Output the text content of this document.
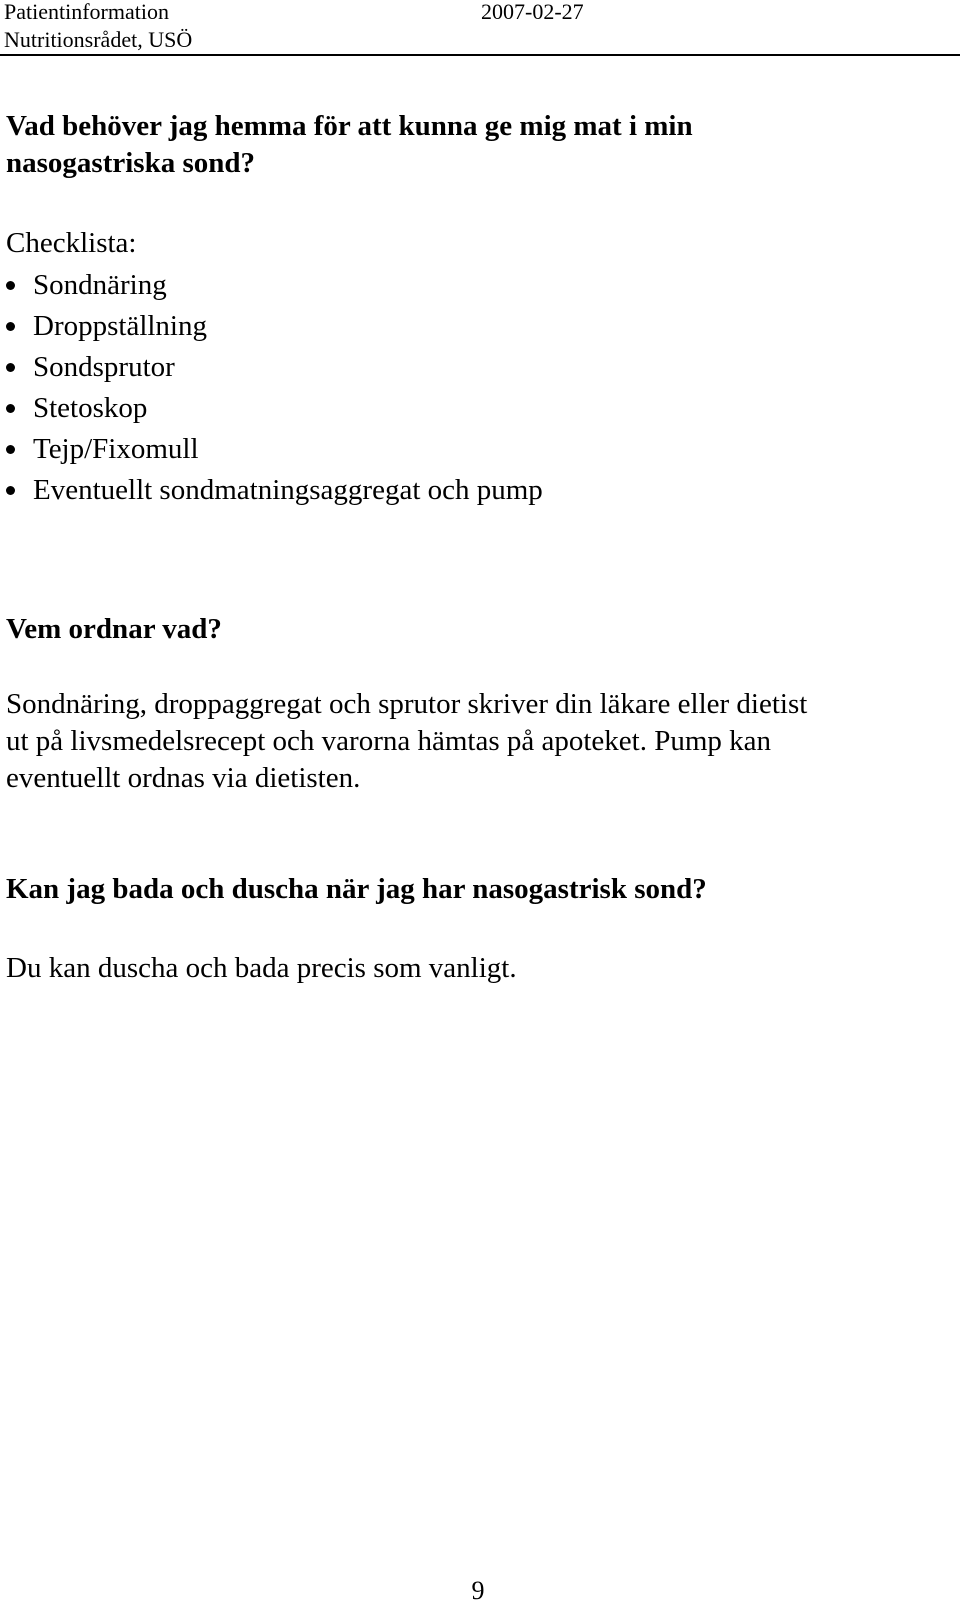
Patientinformation
Nutritionsrådet, USÖ
2007-02-27
Vad behöver jag hemma för att kunna ge mig mat i min
nasogastriska sond?
Checklista:
Sondnäring
Droppställning
Sondsprutor
Stetoskop
Tejp/Fixomull
Eventuellt sondmatningsaggregat och pump
Vem ordnar vad?
Sondnäring, droppaggregat och sprutor skriver din läkare eller dietist
ut på livsmedelsrecept och varorna hämtas på apoteket. Pump kan
eventuellt ordnas via dietisten.
Kan jag bada och duscha när jag har nasogastrisk sond?
Du kan duscha och bada precis som vanligt.
9
